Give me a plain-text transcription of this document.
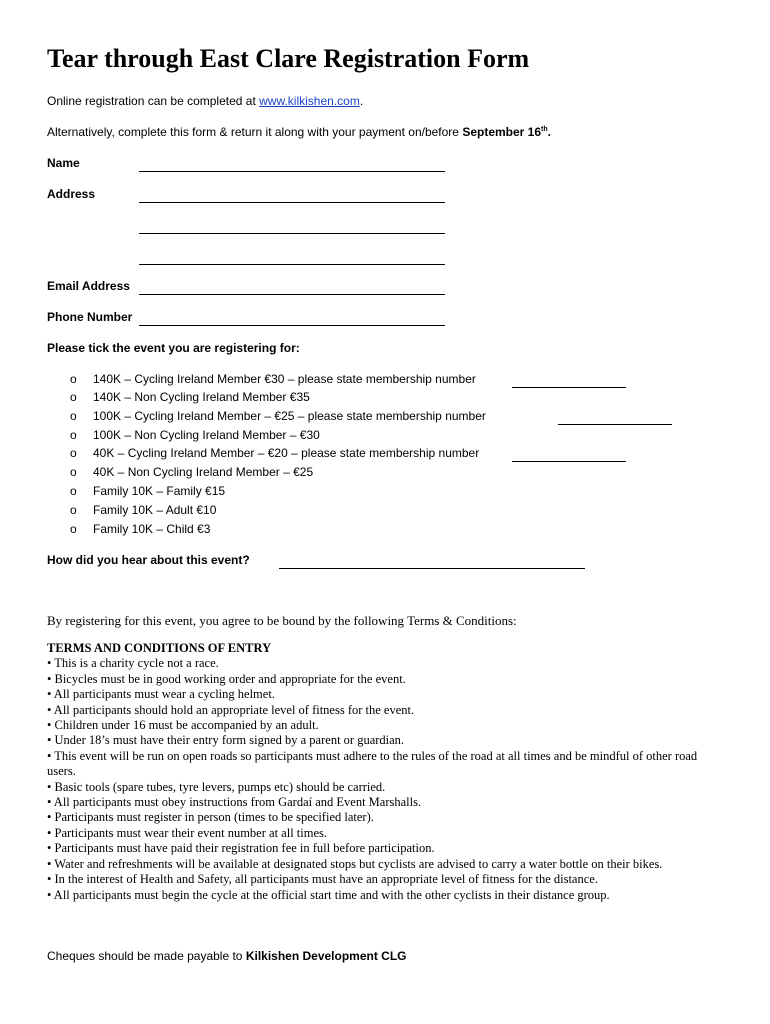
Tear through East Clare Registration Form
Online registration can be completed at www.kilkishen.com.
Alternatively, complete this form & return it along with your payment on/before September 16th.
Name
Address
Email Address
Phone Number
Please tick the event you are registering for:
o 140K – Cycling Ireland Member €30 – please state membership number
o 140K – Non Cycling Ireland Member €35
o 100K – Cycling Ireland Member – €25 – please state membership number
o 100K – Non Cycling Ireland Member – €30
o 40K – Cycling Ireland Member – €20 – please state membership number
o 40K – Non Cycling Ireland Member – €25
o Family 10K – Family €15
o Family 10K – Adult €10
o Family 10K – Child €3
How did you hear about this event?
By registering for this event, you agree to be bound by the following Terms & Conditions:

TERMS AND CONDITIONS OF ENTRY

• This is a charity cycle not a race.

• Bicycles must be in good working order and appropriate for the event.

• All participants must wear a cycling helmet.

• All participants should hold an appropriate level of fitness for the event.

• Children under 16 must be accompanied by an adult.

• Under 18’s must have their entry form signed by a parent or guardian.

• This event will be run on open roads so participants must adhere to the rules of the road at all times and be mindful of other road users.

• Basic tools (spare tubes, tyre levers, pumps etc) should be carried.

• All participants must obey instructions from Gardaí and Event Marshalls.

• Participants must register in person (times to be specified later).

• Participants must wear their event number at all times.

• Participants must have paid their registration fee in full before participation.

• Water and refreshments will be available at designated stops but cyclists are advised to carry a water bottle on their bikes.

• In the interest of Health and Safety, all participants must have an appropriate level of fitness for the distance.

• All participants must begin the cycle at the official start time and with the other cyclists in their distance group.

Cheques should be made payable to Kilkishen Development CLG
